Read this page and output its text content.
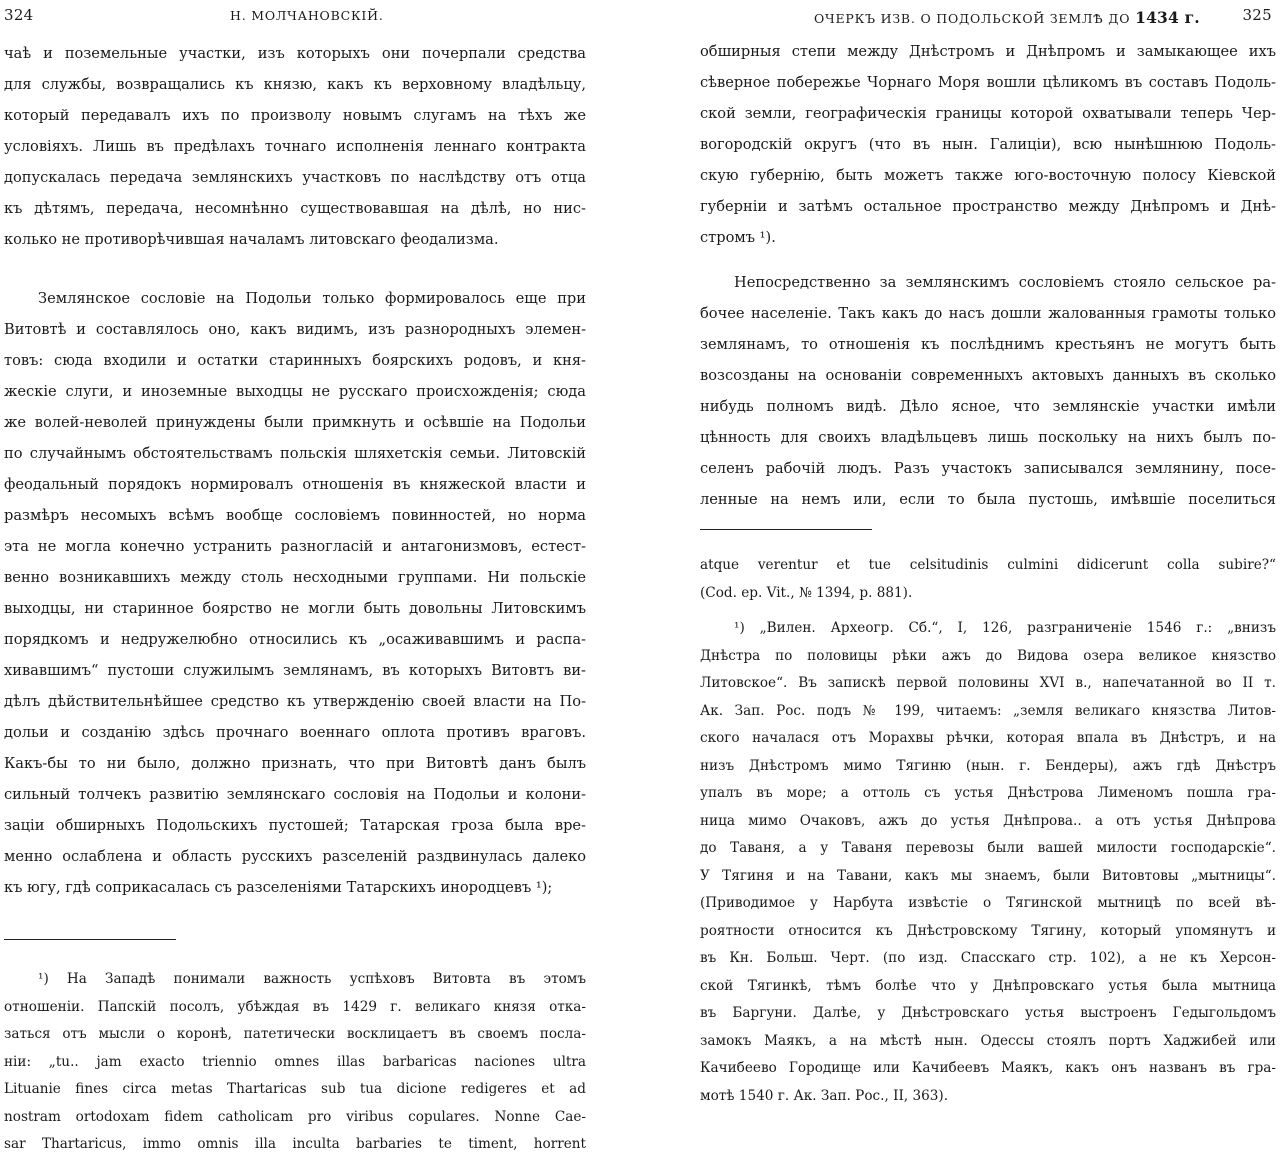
324	Н. МОЛЧАНОВСКІЙ.
чаѣ и поземельные участки, изъ которыхъ они почерпали средства
для службы, возвращались къ князю, какъ къ верховному владѣльцу,
который передавалъ ихъ по произволу новымъ слугамъ на тѣхъ же
условіяхъ. Лишь въ предѣлахъ точнаго исполненія леннаго контракта
допускалась передача землянскихъ участковъ по наслѣдству отъ отца
къ дѣтямъ, передача, несомнѣнно существовавшая на дѣлѣ, но нис-
колько не противорѣчившая началамъ литовскаго феодализма.
Землянское сословіе на Подольи только формировалось еще при
Витовтѣ и составлялось оно, какъ видимъ, изъ разнородныхъ элемен-
товъ: сюда входили и остатки старинныхъ боярскихъ родовъ, и кня-
жескіе слуги, и иноземные выходцы не русскаго происхожденія; сюда
же волей-неволей принуждены были примкнуть и осѣвшіе на Подольи
по случайнымъ обстоятельствамъ польскія шляхетскія семьи. Литовскій
феодальный порядокъ нормировалъ отношенія въ княжеской власти и
размѣръ несомыхъ всѣмъ вообще сословіемъ повинностей, но норма
эта не могла конечно устранить разногласій и антагонизмовъ, естест-
венно возникавшихъ между столь несходными группами. Ни польскіе
выходцы, ни старинное боярство не могли быть довольны Литовскимъ
порядкомъ и недружелюбно относились къ „осаживавшимъ и распа-
хивавшимъ“ пустоши служилымъ землянамъ, въ которыхъ Витовтъ ви-
дѣлъ дѣйствительнѣйшее средство къ утвержденію своей власти на По-
дольи и созданію здѣсь прочнаго военнаго оплота противъ враговъ.
Какъ-бы то ни было, должно признать, что при Витовтѣ данъ былъ
сильный толчекъ развитію землянскаго сословія на Подольи и колони-
заціи обширныхъ Подольскихъ пустошей; Татарская гроза была вре-
менно ослаблена и область русскихъ разселеній раздвинулась далеко
къ югу, гдѣ соприкасалась съ разселеніями Татарскихъ инородцевъ ¹);
¹) На Западѣ понимали важность успѣховъ Витовта въ этомъ
отношеніи. Папскій посолъ, убѣждая въ 1429 г. великаго князя отка-
заться отъ мысли о коронѣ, патетически восклицаетъ въ своемъ посла-
ніи: „tu.. jam exacto triennio omnes illas barbaricas naciones ultra
Lituanie fines circa metas Thartaricas sub tua dicione redigeres et ad
nostram ortodoxam fidem catholicam pro viribus copulares. Nonne Cae-
sar Thartaricus, immo omnis illa inculta barbaries te timent, horrent
ОЧЕРКЪ ИЗВ. О ПОДОЛЬСКОЙ ЗЕМЛѢ ДО 1434 г.	325
обширныя степи между Днѣстромъ и Днѣпромъ и замыкающее ихъ
сѣверное побережье Чорнаго Моря вошли цѣликомъ въ составъ Подоль-
ской земли, географическія границы которой охватывали теперь Чер-
вогородскій округъ (что въ нын. Галиціи), всю нынѣшнюю Подоль-
скую губернію, быть можетъ также юго-восточную полосу Кіевской
губерніи и затѣмъ остальное пространство между Днѣпромъ и Днѣ-
стромъ ¹).
Непосредственно за землянскимъ сословіемъ стояло сельское ра-
бочее населеніе. Такъ какъ до насъ дошли жалованныя грамоты только
землянамъ, то отношенія къ послѣднимъ крестьянъ не могутъ быть
возсозданы на основаніи современныхъ актовыхъ данныхъ въ сколько
нибудь полномъ видѣ. Дѣло ясное, что землянскіе участки имѣли
цѣнность для своихъ владѣльцевъ лишь поскольку на нихъ былъ по-
селенъ рабочій людъ. Разъ участокъ записывался землянину, посе-
ленные на немъ или, если то была пустошь, имѣвшіе поселиться
atque verentur et tue celsitudinis culmini didicerunt colla subire?“
(Cod. ep. Vit., № 1394, p. 881).
¹) „Вилен. Археогр. Сб.“, I, 126, разграниченіе 1546 г.: „внизъ
Днѣстра по половицы рѣки ажъ до Видова озера великое князство
Литовское“. Въ запискѣ первой половины XVI в., напечатанной во II т.
Ак. Зап. Рос. подъ № 199, читаемъ: „земля великаго князства Литов-
ского началася отъ Морахвы рѣчки, которая впала въ Днѣстръ, и на
низъ Днѣстромъ мимо Тягиню (нын. г. Бендеры), ажъ гдѣ Днѣстръ
упалъ въ море; а оттоль съ устья Днѣстрова Лименомъ пошла гра-
ница мимо Очаковъ, ажъ до устья Днѣпрова.. а отъ устья Днѣпрова
до Таваня, а у Таваня перевозы были вашей милости господарскіе“.
У Тягиня и на Тавани, какъ мы знаемъ, были Витовтовы „мытницы“.
(Приводимое у Нарбута извѣстіе о Тягинской мытницѣ по всей вѣ-
роятности относится къ Днѣстровскому Тягину, который упомянутъ и
въ Кн. Больш. Черт. (по изд. Спасскаго стр. 102), а не къ Херсон-
ской Тягинкѣ, тѣмъ болѣе что у Днѣпровскаго устья была мытница
въ Баргуни. Далѣе, у Днѣстровскаго устья выстроенъ Гедыгольдомъ
замокъ Маякъ, а на мѣстѣ нын. Одессы стоялъ портъ Хаджибей или
Качибеево Городище или Качибеевъ Маякъ, какъ онъ названъ въ гра-
мотѣ 1540 г. Ак. Зап. Рос., II, 363).
